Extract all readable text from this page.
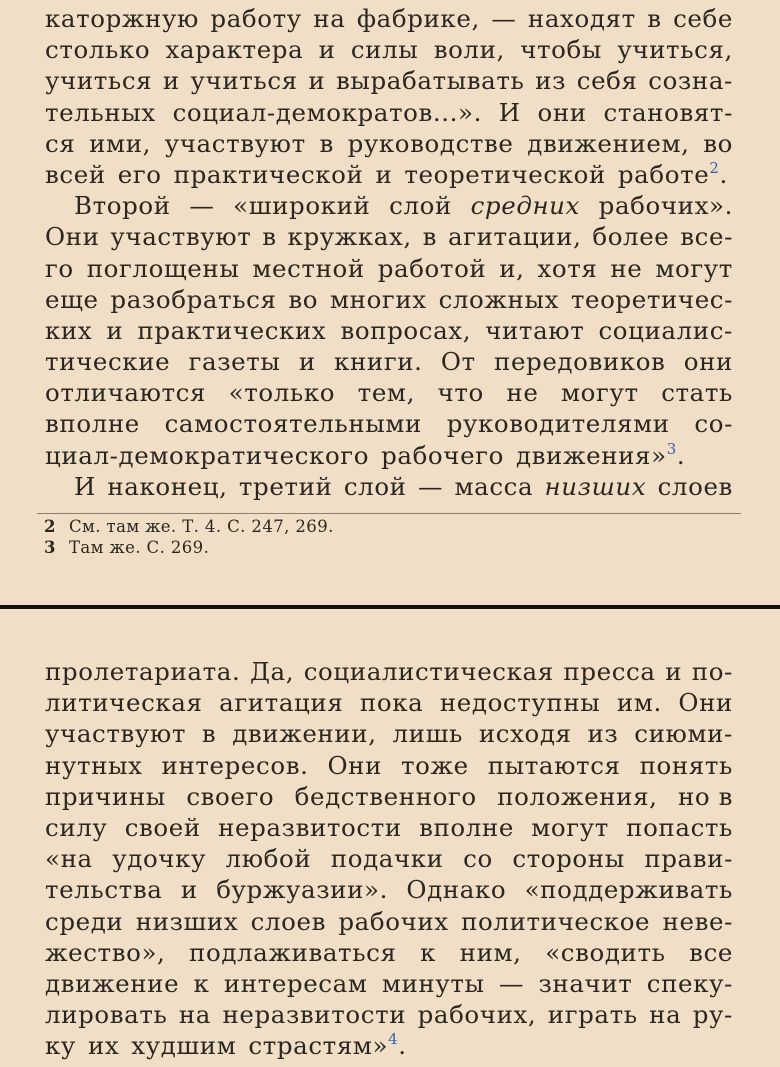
каторжную работу на фабрике, — находят в себе
столько характера и силы воли, чтобы учиться,
учиться и учиться и вырабатывать из себя созна-
тельных социал-демократов...». И они становят-
ся ими, участвуют в руководстве движением, во
всей его практической и теоретической работе$^2$.
Второй — «широкий слой средних рабочих».
Они участвуют в кружках, в агитации, более все-
го поглощены местной работой и, хотя не могут
еще разобраться во многих сложных теоретичес-
ких и практических вопросах, читают социалис-
тические газеты и книги. От передовиков они
отличаются «только тем, что не могут стать
вполне самостоятельными руководителями со-
циал-демократического рабочего движения»$^3$.
И наконец, третий слой — масса низших слоев
2 См. там же. Т. 4. С. 247, 269.
3 Там же. С. 269.
пролетариата. Да, социалистическая пресса и по-
литическая агитация пока недоступны им. Они
участвуют в движении, лишь исходя из сиюми-
нутных интересов. Они тоже пытаются понять
причины своего бедственного положения, но в
силу своей неразвитости вполне могут попасть
«на удочку любой подачки со стороны прави-
тельства и буржуазии». Однако «поддерживать
среди низших слоев рабочих политическое неве-
жество», подлаживаться к ним, «сводить все
движение к интересам минуты — значит спеку-
лировать на неразвитости рабочих, играть на ру-
ку их худшим страстям»$^4$.
